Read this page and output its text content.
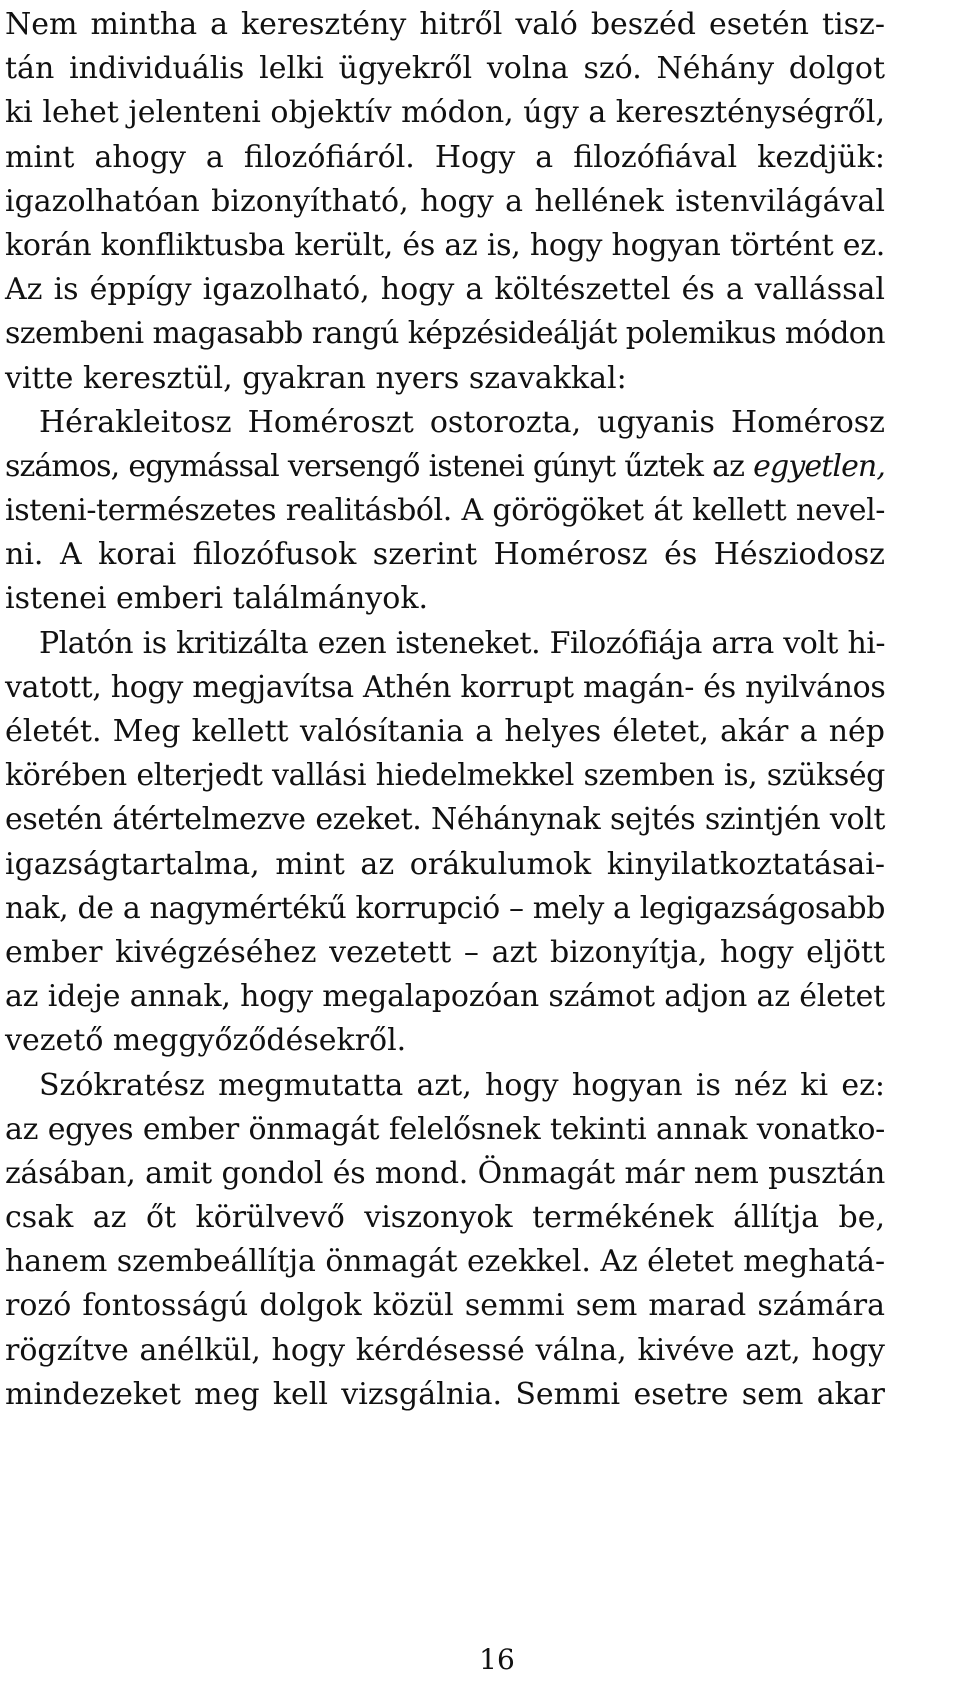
Nem mintha a keresztény hitről való beszéd esetén tisz-
tán individuális lelki ügyekről volna szó. Néhány dolgot
ki lehet jelenteni objektív módon, úgy a kereszténységről,
mint ahogy a filozófiáról. Hogy a filozófiával kezdjük:
igazolhatóan bizonyítható, hogy a hellének istenvilágával
korán konfliktusba került, és az is, hogy hogyan történt ez.
Az is éppígy igazolható, hogy a költészettel és a vallással
szembeni magasabb rangú képzésideálját polemikus módon
vitte keresztül, gyakran nyers szavakkal:
Hérakleitosz Homéroszt ostorozta, ugyanis Homérosz
számos, egymással versengő istenei gúnyt űztek az egyetlen,
isteni-természetes realitásból. A görögöket át kellett nevel-
ni. A korai filozófusok szerint Homérosz és Hésziodosz
istenei emberi találmányok.
Platón is kritizálta ezen isteneket. Filozófiája arra volt hi-
vatott, hogy megjavítsa Athén korrupt magán- és nyilvános
életét. Meg kellett valósítania a helyes életet, akár a nép
körében elterjedt vallási hiedelmekkel szemben is, szükség
esetén átértelmezve ezeket. Néhánynak sejtés szintjén volt
igazságtartalma, mint az orákulumok kinyilatkoztatásai-
nak, de a nagymértékű korrupció – mely a legigazságosabb
ember kivégzéséhez vezetett – azt bizonyítja, hogy eljött
az ideje annak, hogy megalapozóan számot adjon az életet
vezető meggyőződésekről.
Szókratész megmutatta azt, hogy hogyan is néz ki ez:
az egyes ember önmagát felelősnek tekinti annak vonatko-
zásában, amit gondol és mond. Önmagát már nem pusztán
csak az őt körülvevő viszonyok termékének állítja be,
hanem szembeállítja önmagát ezekkel. Az életet meghatá-
rozó fontosságú dolgok közül semmi sem marad számára
rögzítve anélkül, hogy kérdésessé válna, kivéve azt, hogy
mindezeket meg kell vizsgálnia. Semmi esetre sem akar
16
